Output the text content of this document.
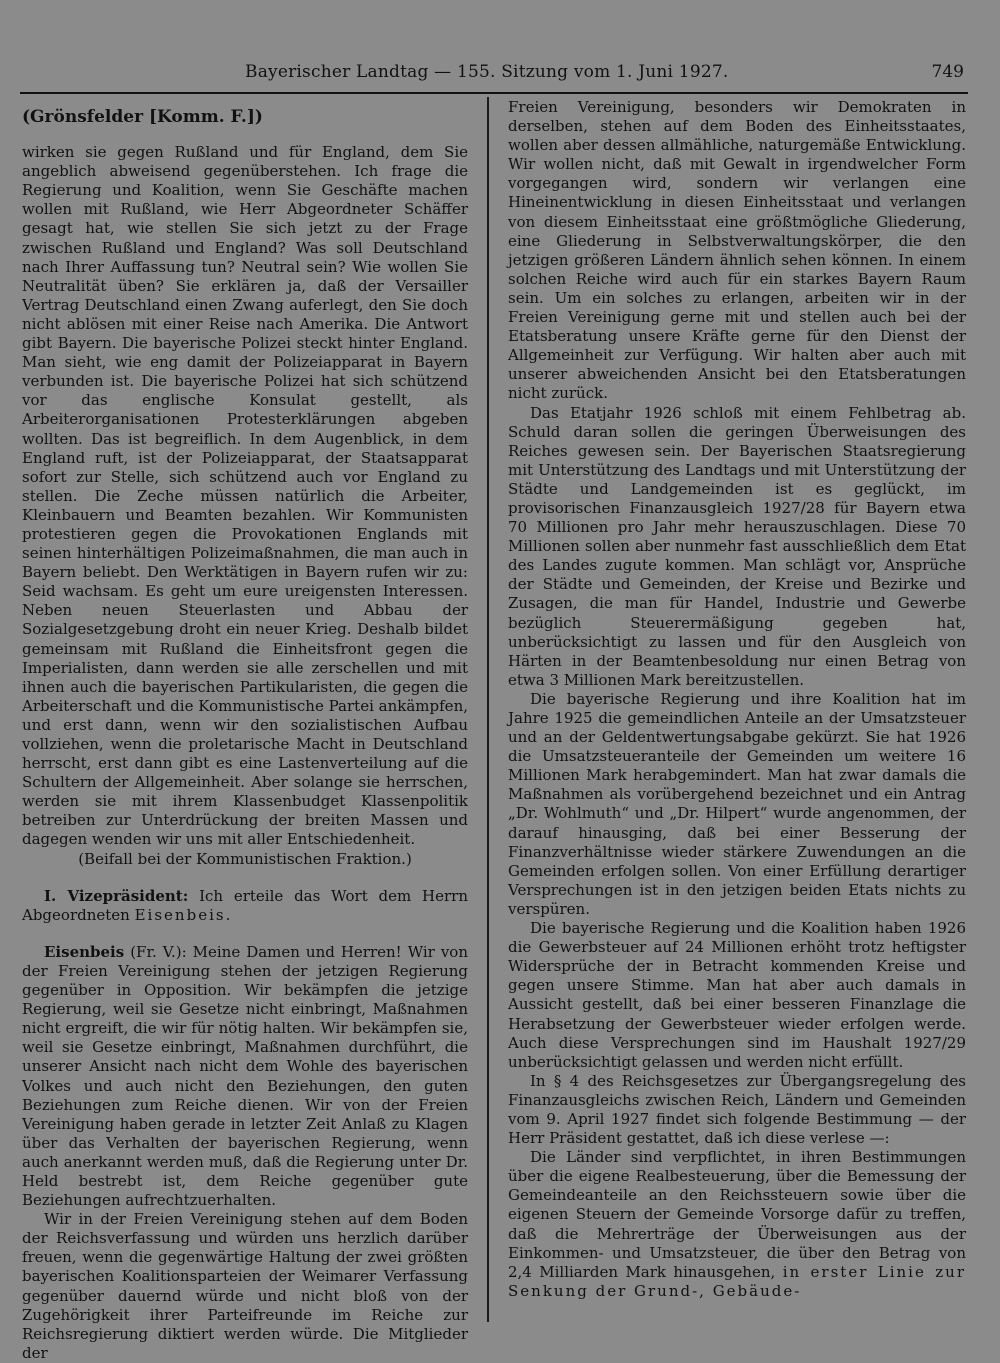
Bayerischer Landtag — 155. Sitzung vom 1. Juni 1927.	749
(Grönsfelder [Komm. F.])

wirken sie gegen Rußland und für England, dem Sie angeblich abweisend gegenüberstehen. Ich frage die Regierung und Koalition, wenn Sie Geschäfte machen wollen mit Rußland, wie Herr Abgeordneter Schäffer gesagt hat, wie stellen Sie sich jetzt zu der Frage zwischen Rußland und England? Was soll Deutschland nach Ihrer Auffassung tun? Neutral sein? Wie wollen Sie Neutralität üben? Sie erklären ja, daß der Versailler Vertrag Deutschland einen Zwang auferlegt, den Sie doch nicht ablösen mit einer Reise nach Amerika. Die Antwort gibt Bayern. Die bayerische Polizei steckt hinter England. Man sieht, wie eng damit der Polizeiapparat in Bayern verbunden ist. Die bayerische Polizei hat sich schützend vor das englische Konsulat gestellt, als Arbeiterorganisationen Protesterklärungen abgeben wollten. Das ist begreiflich. In dem Augenblick, in dem England ruft, ist der Polizeiapparat, der Staatsapparat sofort zur Stelle, sich schützend auch vor England zu stellen. Die Zeche müssen natürlich die Arbeiter, Kleinbauern und Beamten bezahlen. Wir Kommunisten protestieren gegen die Provokationen Englands mit seinen hinterhältigen Polizeimaßnahmen, die man auch in Bayern beliebt. Den Werktätigen in Bayern rufen wir zu: Seid wachsam. Es geht um eure ureigensten Interessen. Neben neuen Steuerlasten und Abbau der Sozialgesetzgebung droht ein neuer Krieg. Deshalb bildet gemeinsam mit Rußland die Einheitsfront gegen die Imperialisten, dann werden sie alle zerschellen und mit ihnen auch die bayerischen Partikularisten, die gegen die Arbeiterschaft und die Kommunistische Partei ankämpfen, und erst dann, wenn wir den sozialistischen Aufbau vollziehen, wenn die proletarische Macht in Deutschland herrscht, erst dann gibt es eine Lastenverteilung auf die Schultern der Allgemeinheit. Aber solange sie herrschen, werden sie mit ihrem Klassenbudget Klassenpolitik betreiben zur Unterdrückung der breiten Massen und dagegen wenden wir uns mit aller Entschiedenheit.

(Beifall bei der Kommunistischen Fraktion.)

I. Vizepräsident: Ich erteile das Wort dem Herrn Abgeordneten Eisenbeis.

Eisenbeis (Fr. V.): Meine Damen und Herren! Wir von der Freien Vereinigung stehen der jetzigen Regierung gegenüber in Opposition. Wir bekämpfen die jetzige Regierung, weil sie Gesetze nicht einbringt, Maßnahmen nicht ergreift, die wir für nötig halten. Wir bekämpfen sie, weil sie Gesetze einbringt, Maßnahmen durchführt, die unserer Ansicht nach nicht dem Wohle des bayerischen Volkes und auch nicht den Beziehungen, den guten Beziehungen zum Reiche dienen. Wir von der Freien Vereinigung haben gerade in letzter Zeit Anlaß zu Klagen über das Verhalten der bayerischen Regierung, wenn auch anerkannt werden muß, daß die Regierung unter Dr. Held bestrebt ist, dem Reiche gegenüber gute Beziehungen aufrechtzuerhalten.

Wir in der Freien Vereinigung stehen auf dem Boden der Reichsverfassung und würden uns herzlich darüber freuen, wenn die gegenwärtige Haltung der zwei größten bayerischen Koalitionsparteien der Weimarer Verfassung gegenüber dauernd würde und nicht bloß von der Zugehörigkeit ihrer Parteifreunde im Reiche zur Reichsregierung diktiert werden würde. Die Mitglieder der

Freien Vereinigung, besonders wir Demokraten in derselben, stehen auf dem Boden des Einheitsstaates, wollen aber dessen allmähliche, naturgemäße Entwicklung. Wir wollen nicht, daß mit Gewalt in irgendwelcher Form vorgegangen wird, sondern wir verlangen eine Hineinentwicklung in diesen Einheitsstaat und verlangen von diesem Einheitsstaat eine größtmögliche Gliederung, eine Gliederung in Selbstverwaltungskörper, die den jetzigen größeren Ländern ähnlich sehen können. In einem solchen Reiche wird auch für ein starkes Bayern Raum sein. Um ein solches zu erlangen, arbeiten wir in der Freien Vereinigung gerne mit und stellen auch bei der Etatsberatung unsere Kräfte gerne für den Dienst der Allgemeinheit zur Verfügung. Wir halten aber auch mit unserer abweichenden Ansicht bei den Etatsberatungen nicht zurück.

Das Etatjahr 1926 schloß mit einem Fehlbetrag ab. Schuld daran sollen die geringen Überweisungen des Reiches gewesen sein. Der Bayerischen Staatsregierung mit Unterstützung des Landtags und mit Unterstützung der Städte und Landgemeinden ist es geglückt, im provisorischen Finanzausgleich 1927/28 für Bayern etwa 70 Millionen pro Jahr mehr herauszuschlagen. Diese 70 Millionen sollen aber nunmehr fast ausschließlich dem Etat des Landes zugute kommen. Man schlägt vor, Ansprüche der Städte und Gemeinden, der Kreise und Bezirke und Zusagen, die man für Handel, Industrie und Gewerbe bezüglich Steuerermäßigung gegeben hat, unberücksichtigt zu lassen und für den Ausgleich von Härten in der Beamtenbesoldung nur einen Betrag von etwa 3 Millionen Mark bereitzustellen.

Die bayerische Regierung und ihre Koalition hat im Jahre 1925 die gemeindlichen Anteile an der Umsatzsteuer und an der Geldentwertungsabgabe gekürzt. Sie hat 1926 die Umsatzsteueranteile der Gemeinden um weitere 16 Millionen Mark herabgemindert. Man hat zwar damals die Maßnahmen als vorübergehend bezeichnet und ein Antrag „Dr. Wohlmuth“ und „Dr. Hilpert“ wurde angenommen, der darauf hinausging, daß bei einer Besserung der Finanzverhältnisse wieder stärkere Zuwendungen an die Gemeinden erfolgen sollen. Von einer Erfüllung derartiger Versprechungen ist in den jetzigen beiden Etats nichts zu verspüren.

Die bayerische Regierung und die Koalition haben 1926 die Gewerbsteuer auf 24 Millionen erhöht trotz heftigster Widersprüche der in Betracht kommenden Kreise und gegen unsere Stimme. Man hat aber auch damals in Aussicht gestellt, daß bei einer besseren Finanzlage die Herabsetzung der Gewerbsteuer wieder erfolgen werde. Auch diese Versprechungen sind im Haushalt 1927/29 unberücksichtigt gelassen und werden nicht erfüllt.

In § 4 des Reichsgesetzes zur Übergangsregelung des Finanzausgleichs zwischen Reich, Ländern und Gemeinden vom 9. April 1927 findet sich folgende Bestimmung — der Herr Präsident gestattet, daß ich diese verlese —:

Die Länder sind verpflichtet, in ihren Bestimmungen über die eigene Realbesteuerung, über die Bemessung der Gemeindeanteile an den Reichssteuern sowie über die eigenen Steuern der Gemeinde Vorsorge dafür zu treffen, daß die Mehrerträge der Überweisungen aus der Einkommen- und Umsatzsteuer, die über den Betrag von 2,4 Milliarden Mark hinausgehen, in erster Linie zur Senkung der Grund-, Gebäude-
